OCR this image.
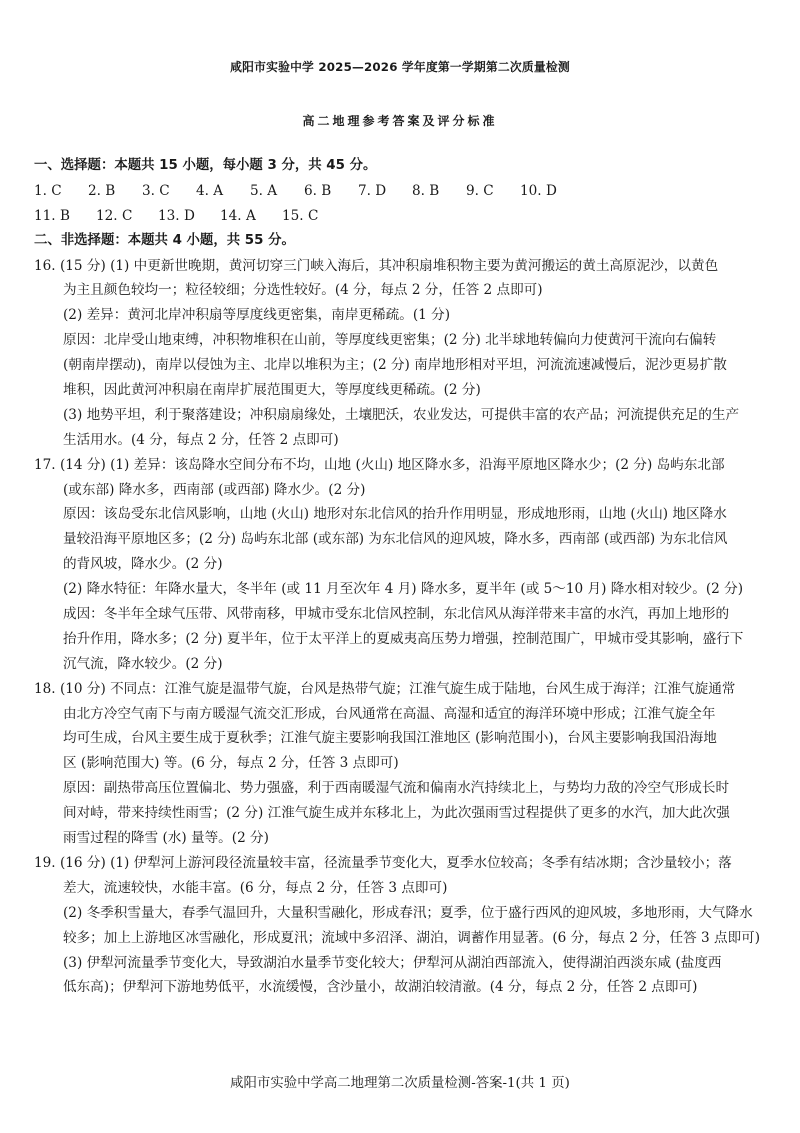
咸阳市实验中学 2025—2026 学年度第一学期第二次质量检测
高二地理参考答案及评分标准
一、选择题：本题共 15 小题，每小题 3 分，共 45 分。
1. C	2. B	3. C	4. A	5. A	6. B	7. D	8. B	9. C	10. D
11. B	12. C	13. D	14. A	15. C
二、非选择题：本题共 4 小题，共 55 分。
16. (15 分) (1) 中更新世晚期，黄河切穿三门峡入海后，其冲积扇堆积物主要为黄河搬运的黄土高原泥沙，以黄色
为主且颜色较均一；粒径较细；分选性较好。(4 分，每点 2 分，任答 2 点即可)
(2) 差异：黄河北岸冲积扇等厚度线更密集，南岸更稀疏。(1 分)
原因：北岸受山地束缚，冲积物堆积在山前，等厚度线更密集；(2 分) 北半球地转偏向力使黄河干流向右偏转
(朝南岸摆动)，南岸以侵蚀为主、北岸以堆积为主；(2 分) 南岸地形相对平坦，河流流速减慢后，泥沙更易扩散
堆积，因此黄河冲积扇在南岸扩展范围更大，等厚度线更稀疏。(2 分)
(3) 地势平坦，利于聚落建设；冲积扇扇缘处，土壤肥沃，农业发达，可提供丰富的农产品；河流提供充足的生产
生活用水。(4 分，每点 2 分，任答 2 点即可)
17. (14 分) (1) 差异：该岛降水空间分布不均，山地 (火山) 地区降水多，沿海平原地区降水少；(2 分) 岛屿东北部
(或东部) 降水多，西南部 (或西部) 降水少。(2 分)
原因：该岛受东北信风影响，山地 (火山) 地形对东北信风的抬升作用明显，形成地形雨，山地 (火山) 地区降水
量较沿海平原地区多；(2 分) 岛屿东北部 (或东部) 为东北信风的迎风坡，降水多，西南部 (或西部) 为东北信风
的背风坡，降水少。(2 分)
(2) 降水特征：年降水量大，冬半年 (或 11 月至次年 4 月) 降水多，夏半年 (或 5～10 月) 降水相对较少。(2 分)
成因：冬半年全球气压带、风带南移，甲城市受东北信风控制，东北信风从海洋带来丰富的水汽，再加上地形的
抬升作用，降水多；(2 分) 夏半年，位于太平洋上的夏威夷高压势力增强，控制范围广，甲城市受其影响，盛行下
沉气流，降水较少。(2 分)
18. (10 分) 不同点：江淮气旋是温带气旋，台风是热带气旋；江淮气旋生成于陆地，台风生成于海洋；江淮气旋通常
由北方冷空气南下与南方暖湿气流交汇形成，台风通常在高温、高湿和适宜的海洋环境中形成；江淮气旋全年
均可生成，台风主要生成于夏秋季；江淮气旋主要影响我国江淮地区 (影响范围小)，台风主要影响我国沿海地
区 (影响范围大) 等。(6 分，每点 2 分，任答 3 点即可)
原因：副热带高压位置偏北、势力强盛，利于西南暖湿气流和偏南水汽持续北上，与势均力敌的冷空气形成长时
间对峙，带来持续性雨雪；(2 分) 江淮气旋生成并东移北上，为此次强雨雪过程提供了更多的水汽，加大此次强
雨雪过程的降雪 (水) 量等。(2 分)
19. (16 分) (1) 伊犁河上游河段径流量较丰富，径流量季节变化大，夏季水位较高；冬季有结冰期；含沙量较小；落
差大，流速较快，水能丰富。(6 分，每点 2 分，任答 3 点即可)
(2) 冬季积雪量大，春季气温回升，大量积雪融化，形成春汛；夏季，位于盛行西风的迎风坡，多地形雨，大气降水
较多；加上上游地区冰雪融化，形成夏汛；流域中多沼泽、湖泊，调蓄作用显著。(6 分，每点 2 分，任答 3 点即可)
(3) 伊犁河流量季节变化大，导致湖泊水量季节变化较大；伊犁河从湖泊西部流入，使得湖泊西淡东咸 (盐度西
低东高)；伊犁河下游地势低平，水流缓慢，含沙量小，故湖泊较清澈。(4 分，每点 2 分，任答 2 点即可)
咸阳市实验中学高二地理第二次质量检测-答案-1(共 1 页)
